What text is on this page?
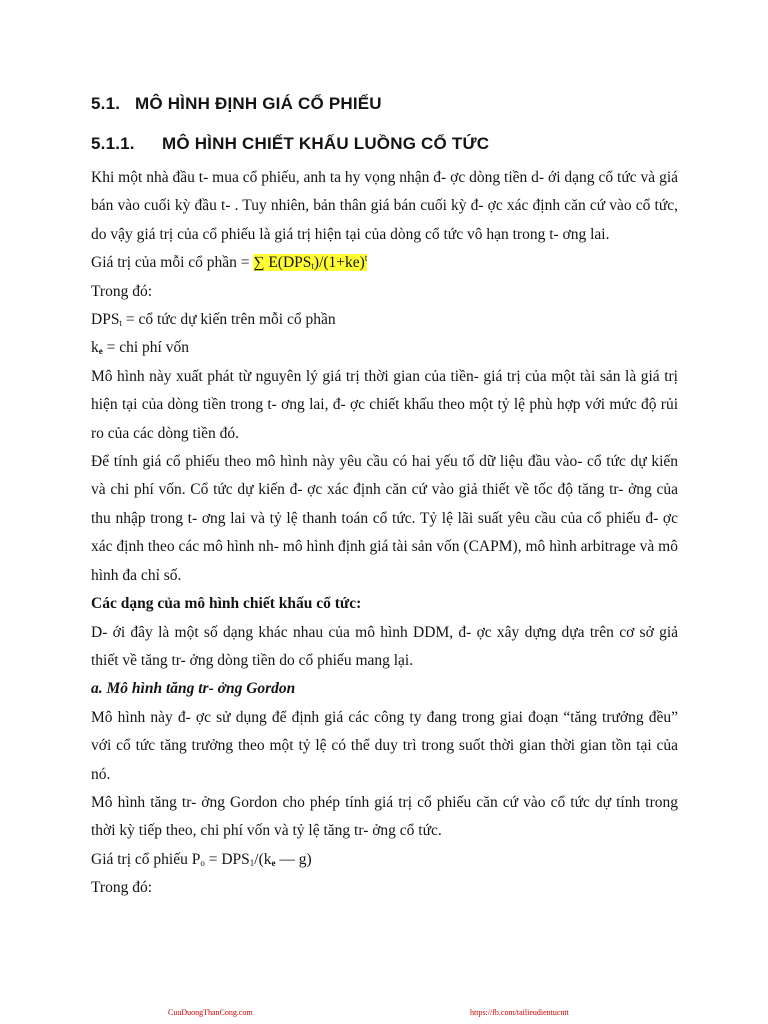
5.1. MÔ HÌNH ĐỊNH GIÁ CỔ PHIẾU
5.1.1. MÔ HÌNH CHIẾT KHẤU LUỒNG CỔ TỨC

Khi một nhà đầu t- mua cổ phiếu, anh ta hy vọng nhận đ- ợc dòng tiền d- ới dạng cổ tức và giá bán vào cuối kỳ đầu t- . Tuy nhiên, bản thân giá bán cuối kỳ đ- ợc xác định căn cứ vào cổ tức, do vậy giá trị của cổ phiếu là giá trị hiện tại của dòng cổ tức vô hạn trong t- ơng lai.

Giá trị của mỗi cổ phần = ∑ $E(DPS_t)/(1+ke)^t$

Trong đó:

$DPS_t$ = cổ tức dự kiến trên mỗi cổ phần

$k_e$ = chi phí vốn

Mô hình này xuất phát từ nguyên lý giá trị thời gian của tiền- giá trị của một tài sản là giá trị hiện tại của dòng tiền trong t- ơng lai, đ- ợc chiết khấu theo một tỷ lệ phù hợp với mức độ rủi ro của các dòng tiền đó.

Để tính giá cổ phiếu theo mô hình này yêu cầu có hai yếu tố dữ liệu đầu vào- cổ tức dự kiến và chi phí vốn. Cổ tức dự kiến đ- ợc xác định căn cứ vào giả thiết về tốc độ tăng tr- ởng của thu nhập trong t- ơng lai và tỷ lệ thanh toán cổ tức. Tỷ lệ lãi suất yêu cầu của cổ phiếu đ- ợc xác định theo các mô hình nh- mô hình định giá tài sản vốn (CAPM), mô hình arbitrage và mô hình đa chỉ số.

Các dạng của mô hình chiết khấu cổ tức:

D- ới đây là một số dạng khác nhau của mô hình DDM, đ- ợc xây dựng dựa trên cơ sở giả thiết về tăng tr- ởng dòng tiền do cổ phiếu mang lại.

a. Mô hình tăng tr- ởng Gordon

Mô hình này đ- ợc sử dụng để định giá các công ty đang trong giai đoạn “tăng trưởng đều” với cổ tức tăng trưởng theo một tỷ lệ có thể duy trì trong suốt thời gian thời gian tồn tại của nó.

Mô hình tăng tr- ởng Gordon cho phép tính giá trị cổ phiếu căn cứ vào cổ tức dự tính trong thời kỳ tiếp theo, chi phí vốn và tỷ lệ tăng tr- ởng cổ tức.

Giá trị cổ phiếu $P_o = DPS_1/(k_e$ — g)

Trong đó:

CuuDuongThanCong.com	https://fb.com/tailieudientucntt
